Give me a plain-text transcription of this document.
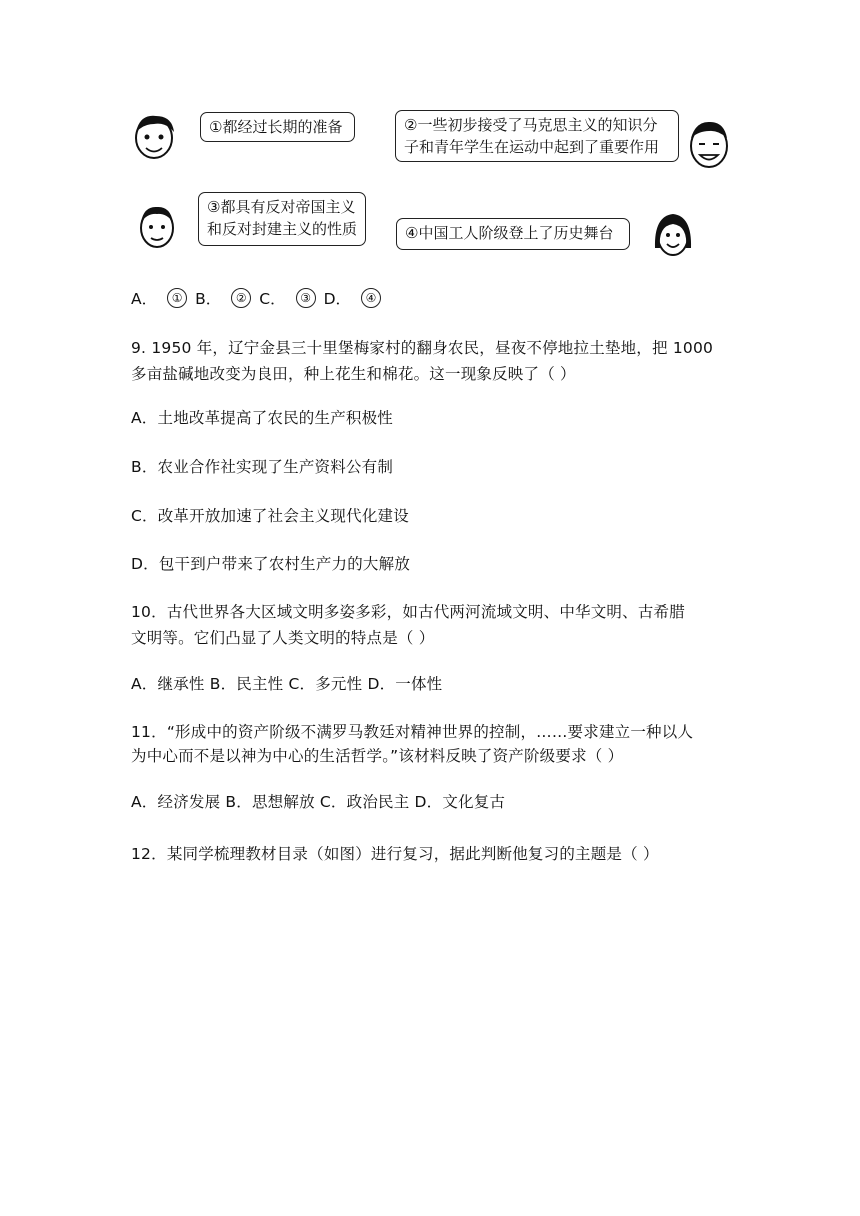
①都经过长期的准备	②一些初步接受了马克思主义的知识分
子和青年学生在运动中起到了重要作用
③都具有反对帝国主义
和反对封建主义的性质	④中国工人阶级登上了历史舞台
A．	① B．	② C．	③ D．	④
9. 1950 年，辽宁金县三十里堡梅家村的翻身农民，昼夜不停地拉土垫地，把 1000
多亩盐碱地改变为良田，种上花生和棉花。这一现象反映了（ ）
A．土地改革提高了农民的生产积极性
B．农业合作社实现了生产资料公有制
C．改革开放加速了社会主义现代化建设
D．包干到户带来了农村生产力的大解放
10．古代世界各大区域文明多姿多彩，如古代两河流域文明、中华文明、古希腊
文明等。它们凸显了人类文明的特点是（ ）
A．继承性 B．民主性 C．多元性 D．一体性
11．“形成中的资产阶级不满罗马教廷对精神世界的控制，……要求建立一种以人
为中心而不是以神为中心的生活哲学。”该材料反映了资产阶级要求（ ）
A．经济发展 B．思想解放 C．政治民主 D．文化复古
12．某同学梳理教材目录（如图）进行复习，据此判断他复习的主题是（ ）
